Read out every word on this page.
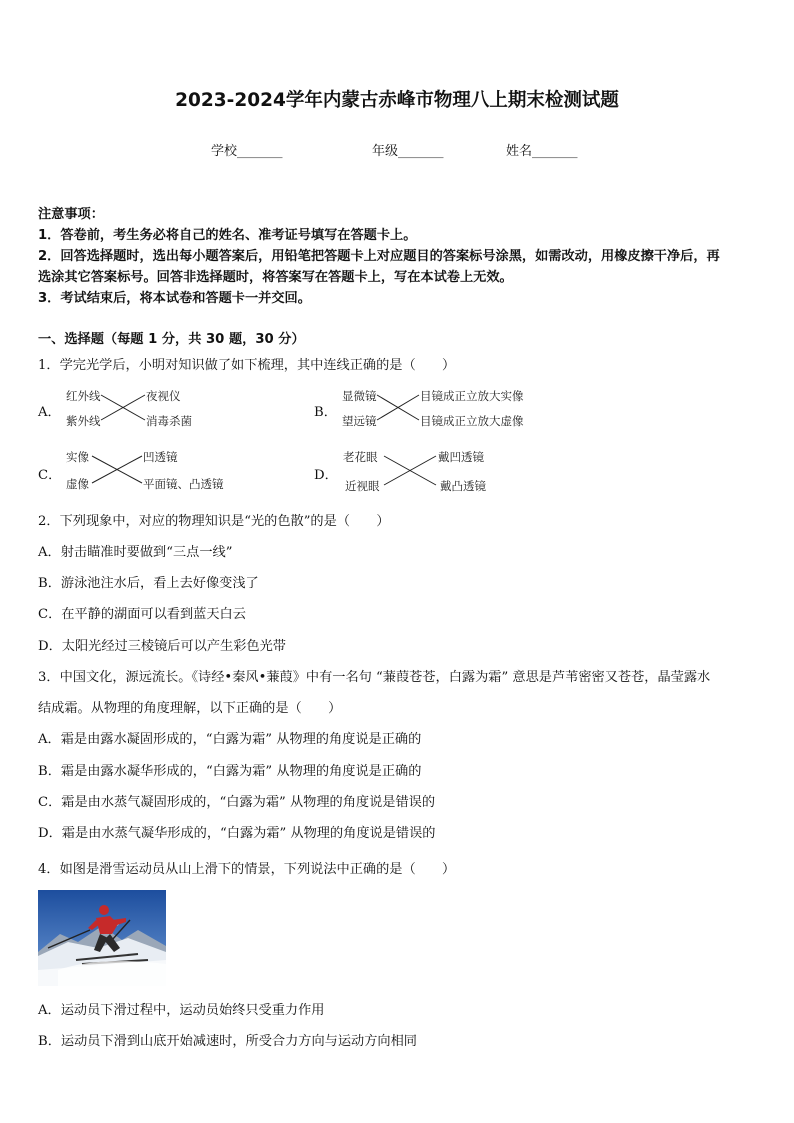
2023-2024学年内蒙古赤峰市物理八上期末检测试题
学校_______	年级_______	姓名_______
注意事项：
1．答卷前，考生务必将自己的姓名、准考证号填写在答题卡上。
2．回答选择题时，选出每小题答案后，用铅笔把答题卡上对应题目的答案标号涂黑，如需改动，用橡皮擦干净后，再
选涂其它答案标号。回答非选择题时，将答案写在答题卡上，写在本试卷上无效。
3．考试结束后，将本试卷和答题卡一并交回。
一、选择题（每题 1 分，共 30 题，30 分）
1．学完光学后，小明对知识做了如下梳理，其中连线正确的是（　　）
A．
红外线
紫外线
夜视仪
消毒杀菌
B．
显微镜
望远镜
目镜成正立放大实像
目镜成正立放大虚像
C．
实像
虚像
凹透镜
平面镜、凸透镜
D．
老花眼
近视眼
戴凹透镜
戴凸透镜
2．下列现象中，对应的物理知识是“光的色散”的是（　　）
A．射击瞄准时要做到“三点一线”
B．游泳池注水后，看上去好像变浅了
C．在平静的湖面可以看到蓝天白云
D．太阳光经过三棱镜后可以产生彩色光带
3．中国文化，源远流长。《诗经•秦风•蒹葭》中有一名句 “蒹葭苍苍，白露为霜” 意思是芦苇密密又苍苍，晶莹露水
结成霜。从物理的角度理解，以下正确的是（　　）
A．霜是由露水凝固形成的，“白露为霜” 从物理的角度说是正确的
B．霜是由露水凝华形成的，“白露为霜” 从物理的角度说是正确的
C．霜是由水蒸气凝固形成的，“白露为霜” 从物理的角度说是错误的
D．霜是由水蒸气凝华形成的，“白露为霜” 从物理的角度说是错误的
4．如图是滑雪运动员从山上滑下的情景，下列说法中正确的是（　　）
A．运动员下滑过程中，运动员始终只受重力作用
B．运动员下滑到山底开始减速时，所受合力方向与运动方向相同
